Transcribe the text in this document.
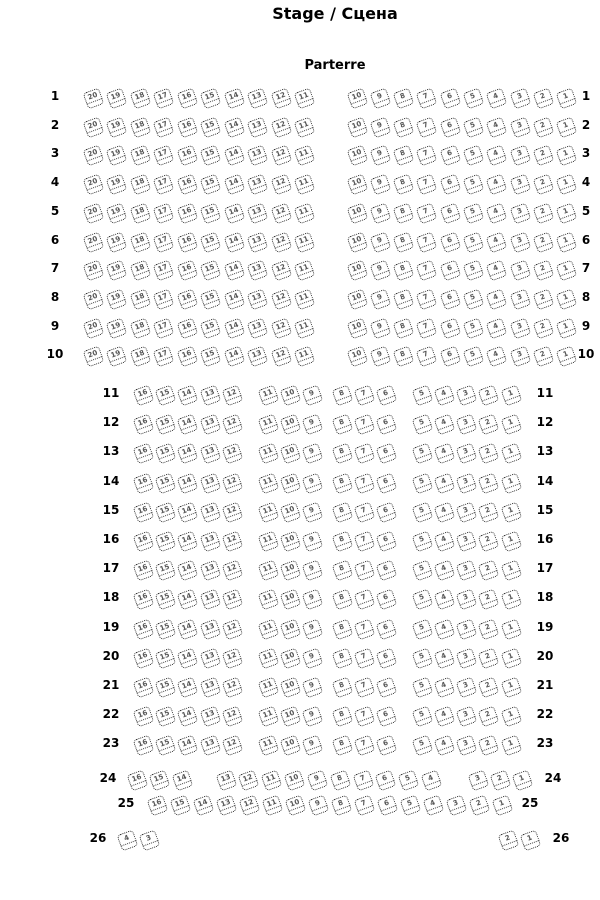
Stage / Сцена
Parterre
1	1
20	19	18	17	16	15	14	13	12	11	10	9	8	7	6	5	4	3	2	1
2	2
20	19	18	17	16	15	14	13	12	11	10	9	8	7	6	5	4	3	2	1
3	3
20	19	18	17	16	15	14	13	12	11	10	9	8	7	6	5	4	3	2	1
4	4
20	19	18	17	16	15	14	13	12	11	10	9	8	7	6	5	4	3	2	1
5	5
20	19	18	17	16	15	14	13	12	11	10	9	8	7	6	5	4	3	2	1
6	6
20	19	18	17	16	15	14	13	12	11	10	9	8	7	6	5	4	3	2	1
7	7
20	19	18	17	16	15	14	13	12	11	10	9	8	7	6	5	4	3	2	1
8	8
20	19	18	17	16	15	14	13	12	11	10	9	8	7	6	5	4	3	2	1
9	9
20	19	18	17	16	15	14	13	12	11	10	9	8	7	6	5	4	3	2	1
10	10
20	19	18	17	16	15	14	13	12	11	10	9	8	7	6	5	4	3	2	1
11	11
16	15	14	13	12	11	10	9	8	7	6	5	4	3	2	1
12	12
16	15	14	13	12	11	10	9	8	7	6	5	4	3	2	1
13	13
16	15	14	13	12	11	10	9	8	7	6	5	4	3	2	1
14	14
16	15	14	13	12	11	10	9	8	7	6	5	4	3	2	1
15	15
16	15	14	13	12	11	10	9	8	7	6	5	4	3	2	1
16	16
16	15	14	13	12	11	10	9	8	7	6	5	4	3	2	1
17	17
16	15	14	13	12	11	10	9	8	7	6	5	4	3	2	1
18	18
16	15	14	13	12	11	10	9	8	7	6	5	4	3	2	1
19	19
16	15	14	13	12	11	10	9	8	7	6	5	4	3	2	1
20	20
16	15	14	13	12	11	10	9	8	7	6	5	4	3	2	1
21	21
16	15	14	13	12	11	10	9	8	7	6	5	4	3	2	1
22	22
16	15	14	13	12	11	10	9	8	7	6	5	4	3	2	1
23	23
16	15	14	13	12	11	10	9	8	7	6	5	4	3	2	1
24	24
16	15	14	13	12	11	10	9	8	7	6	5	4	3	2	1
25	25
16	15	14	13	12	11	10	9	8	7	6	5	4	3	2	1
26	26
4	3	2	1
